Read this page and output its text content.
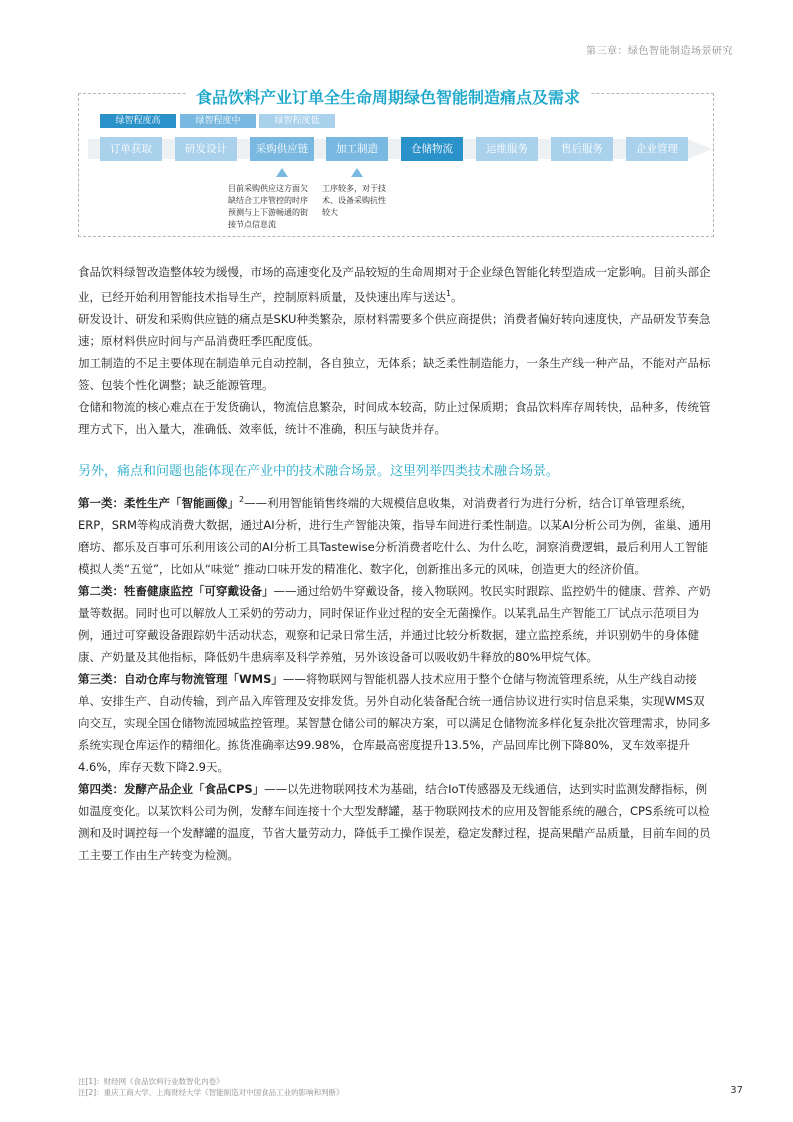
第三章：绿色智能制造场景研究
食品饮料产业订单全生命周期绿色智能制造痛点及需求
绿智程度高	绿智程度中	绿智程度低
订单获取	研发设计	采购供应链	加工制造	仓储物流	运维服务	售后服务	企业管理
目前采购供应这方面欠
缺结合工序管控的时序
预测与上下游畅通的街
接节点信息流
工序较多，对于技
术、设备采购抗性
较大

食品饮料绿智改造整体较为缓慢，市场的高速变化及产品较短的生命周期对于企业绿色智能化转型造成一定影响。目前头部企业，已经开始利用智能技术指导生产，控制原料质量，及快速出库与送达$^1$。

研发设计、研发和采购供应链的痛点是SKU种类繁杂，原材料需要多个供应商提供；消费者偏好转向速度快，产品研发节奏急速；原材料供应时间与产品消费旺季匹配度低。

加工制造的不足主要体现在制造单元自动控制，各自独立，无体系；缺乏柔性制造能力，一条生产线一种产品，不能对产品标签、包装个性化调整；缺乏能源管理。

仓储和物流的核心难点在于发货确认，物流信息繁杂，时间成本较高，防止过保质期；食品饮料库存周转快，品种多，传统管理方式下，出入量大，准确低、效率低，统计不准确，积压与缺货并存。

另外，痛点和问题也能体现在产业中的技术融合场景。这里列举四类技术融合场景。

第一类：柔性生产「智能画像」$^2$——利用智能销售终端的大规模信息收集，对消费者行为进行分析，结合订单管理系统，ERP，SRM等构成消费大数据，通过AI分析，进行生产智能决策，指导车间进行柔性制造。以某AI分析公司为例，雀巢、通用磨坊、都乐及百事可乐利用该公司的AI分析工具Tastewise分析消费者吃什么、为什么吃，洞察消费逻辑，最后利用人工智能模拟人类“五觉”，比如从“味觉” 推动口味开发的精准化、数字化，创新推出多元的风味，创造更大的经济价值。

第二类：牲畜健康监控「可穿戴设备」——通过给奶牛穿戴设备，接入物联网。牧民实时跟踪、监控奶牛的健康、营养、产奶量等数据。同时也可以解放人工采奶的劳动力，同时保证作业过程的安全无菌操作。以某乳品生产智能工厂试点示范项目为例，通过可穿戴设备跟踪奶牛活动状态，观察和记录日常生活，并通过比较分析数据，建立监控系统，并识别奶牛的身体健康、产奶量及其他指标，降低奶牛患病率及科学养殖，另外该设备可以吸收奶牛释放的80%甲烷气体。

第三类：自动仓库与物流管理「WMS」——将物联网与智能机器人技术应用于整个仓储与物流管理系统，从生产线自动接单、安排生产、自动传输，到产品入库管理及安排发货。另外自动化装备配合统一通信协议进行实时信息采集，实现WMS双向交互，实现全国仓储物流园城监控管理。某智慧仓储公司的解决方案，可以满足仓储物流多样化复杂批次管理需求，协同多系统实现仓库运作的精细化。拣货准确率达99.98%，仓库最高密度提升13.5%，产品回库比例下降80%，叉车效率提升4.6%，库存天数下降2.9天。

第四类：发酵产品企业「食品CPS」——以先进物联网技术为基础，结合IoT传感器及无线通信，达到实时监测发酵指标，例如温度变化。以某饮料公司为例，发酵车间连接十个大型发酵罐，基于物联网技术的应用及智能系统的融合，CPS系统可以检测和及时调控每一个发酵罐的温度，节省大量劳动力，降低手工操作误差，稳定发酵过程，提高果醋产品质量，目前车间的员工主要工作由生产转变为检测。

注[1]：财经网《食品饮料行业数智化内卷》
注[2]：重庆工商大学、上海财经大学《智能制造对中国食品工业的影响和判断》	37
